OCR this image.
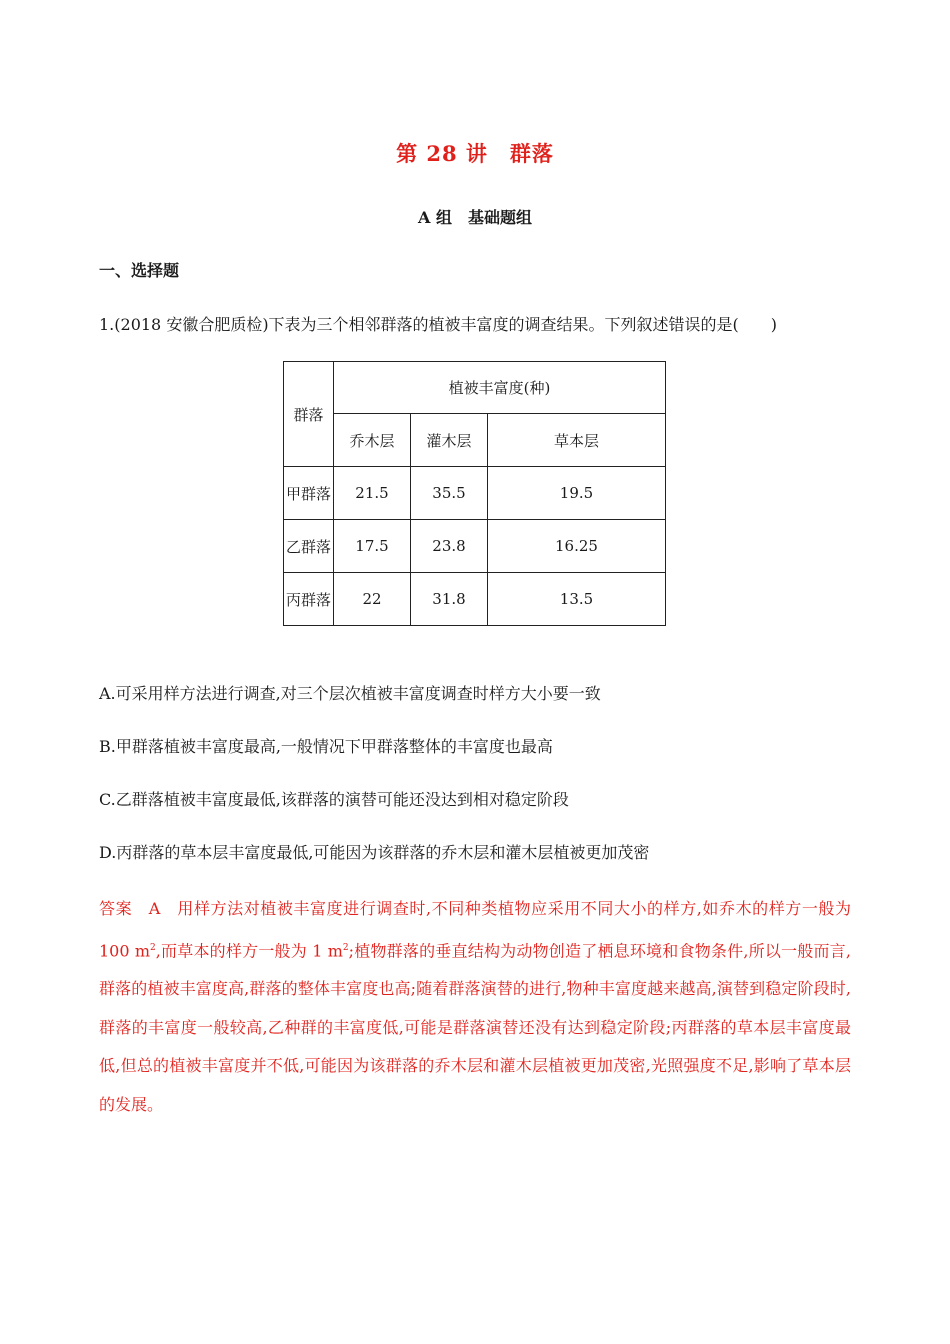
第 28 讲　群落
A 组　基础题组
一、选择题
1.(2018 安徽合肥质检)下表为三个相邻群落的植被丰富度的调查结果。下列叙述错误的是(　　)
群落	植被丰富度(种)		
	乔木层	灌木层	草本层
甲群落	21.5	35.5	19.5
乙群落	17.5	23.8	16.25
丙群落	22	31.8	13.5
A.可采用样方法进行调查,对三个层次植被丰富度调查时样方大小要一致
B.甲群落植被丰富度最高,一般情况下甲群落整体的丰富度也最高
C.乙群落植被丰富度最低,该群落的演替可能还没达到相对稳定阶段
D.丙群落的草本层丰富度最低,可能因为该群落的乔木层和灌木层植被更加茂密
答案　A　用样方法对植被丰富度进行调查时,不同种类植物应采用不同大小的样方,如乔木的样方一般为 100 $m^2$,而草本的样方一般为 1 $m^2$;植物群落的垂直结构为动物创造了栖息环境和食物条件,所以一般而言,群落的植被丰富度高,群落的整体丰富度也高;随着群落演替的进行,物种丰富度越来越高,演替到稳定阶段时,群落的丰富度一般较高,乙种群的丰富度低,可能是群落演替还没有达到稳定阶段;丙群落的草本层丰富度最低,但总的植被丰富度并不低,可能因为该群落的乔木层和灌木层植被更加茂密,光照强度不足,影响了草本层的发展。
